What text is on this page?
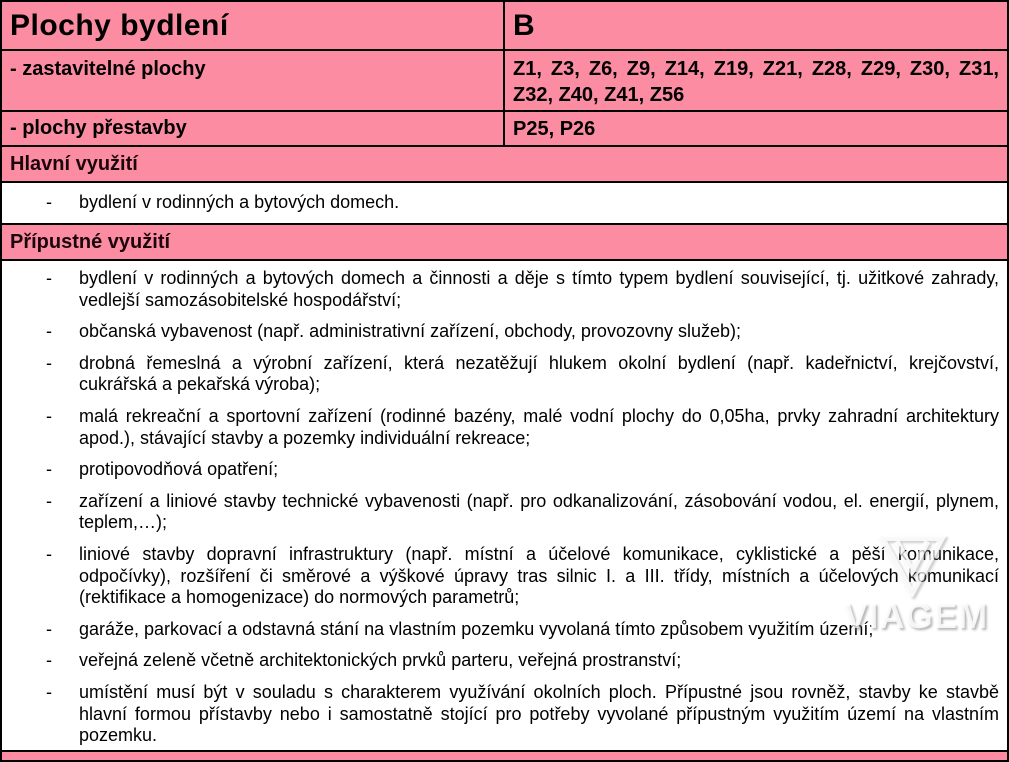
Plochy bydlení	B
- zastavitelné plochy	Z1, Z3, Z6, Z9, Z14, Z19, Z21, Z28, Z29, Z30, Z31, Z32, Z40, Z41, Z56
- plochy přestavby	P25, P26
Hlavní využití
- bydlení v rodinných a bytových domech.
Přípustné využití
- bydlení v rodinných a bytových domech a činnosti a děje s tímto typem bydlení související, tj. užitkové zahrady, vedlejší samozásobitelské hospodářství;
- občanská vybavenost (např. administrativní zařízení, obchody, provozovny služeb);
- drobná řemeslná a výrobní zařízení, která nezatěžují hlukem okolní bydlení (např. kadeřnictví, krejčovství, cukrářská a pekařská výroba);
- malá rekreační a sportovní zařízení (rodinné bazény, malé vodní plochy do 0,05ha, prvky zahradní architektury apod.), stávající stavby a pozemky individuální rekreace;
- protipovodňová opatření;
- zařízení a liniové stavby technické vybavenosti (např. pro odkanalizování, zásobování vodou, el. energií, plynem, teplem,…);
- liniové stavby dopravní infrastruktury (např. místní a účelové komunikace, cyklistické a pěší komunikace, odpočívky), rozšíření či směrové a výškové úpravy tras silnic I. a III. třídy, místních a účelových komunikací (rektifikace a homogenizace) do normových parametrů;
- garáže, parkovací a odstavná stání na vlastním pozemku vyvolaná tímto způsobem využitím území;
- veřejná zeleně včetně architektonických prvků parteru, veřejná prostranství;
- umístění musí být v souladu s charakterem využívání okolních ploch. Přípustné jsou rovněž, stavby ke stavbě hlavní formou přístavby nebo i samostatně stojící pro potřeby vyvolané přípustným využitím území na vlastním pozemku.
VIAGEM
